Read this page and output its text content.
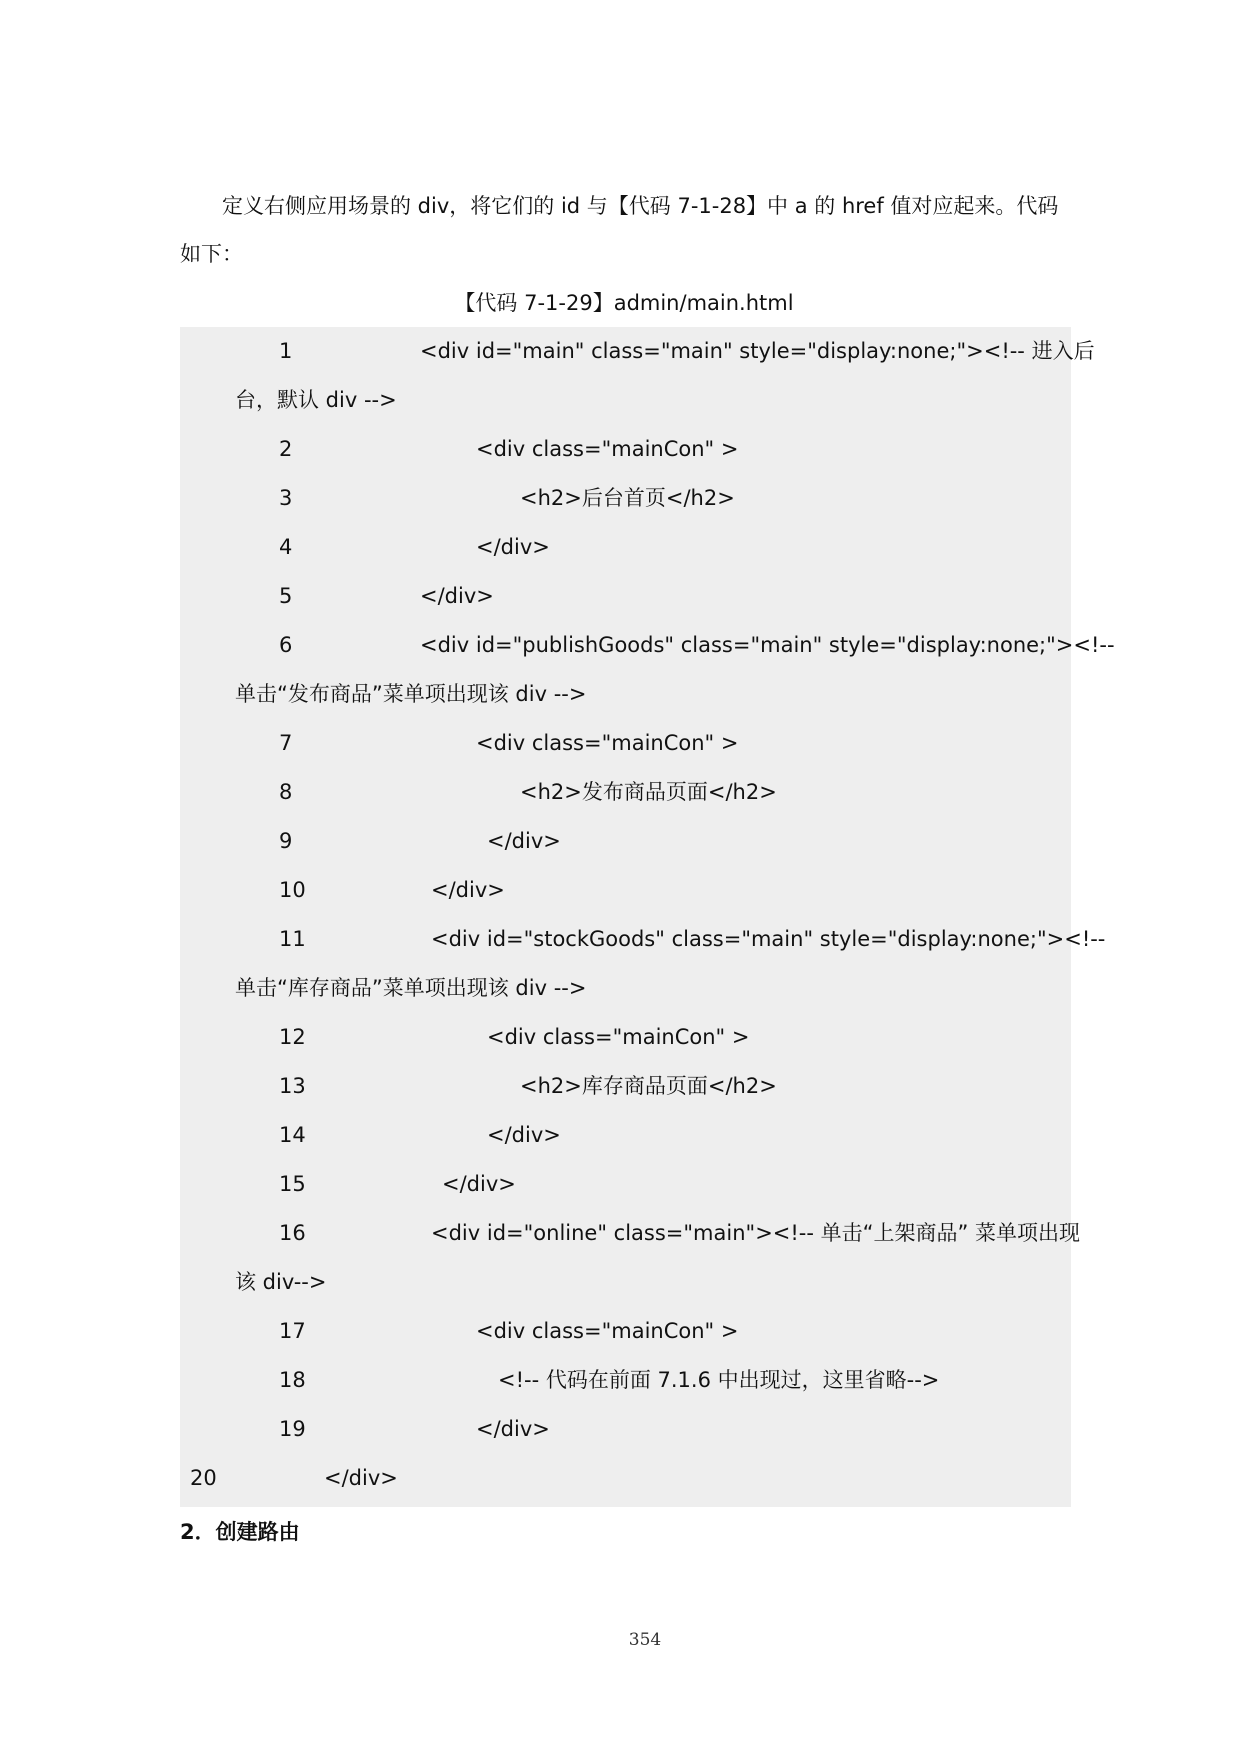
定义右侧应用场景的 div，将它们的 id 与【代码 7-1-28】中 a 的 href 值对应起来。代码如下：

【代码 7-1-29】admin/main.html

1	<div id="main" class="main" style="display:none;"><!-- 进入后
台，默认 div -->
2	<div class="mainCon" >
3	<h2>后台首页</h2>
4	</div>
5	</div>
6	<div id="publishGoods" class="main" style="display:none;"><!--
单击“发布商品”菜单项出现该 div -->
7	<div class="mainCon" >
8	<h2>发布商品页面</h2>
9	</div>
10	</div>
11	<div id="stockGoods" class="main" style="display:none;"><!--
单击“库存商品”菜单项出现该 div -->
12	<div class="mainCon" >
13	<h2>库存商品页面</h2>
14	</div>
15	</div>
16	<div id="online" class="main"><!-- 单击“上架商品” 菜单项出现
该 div-->
17	<div class="mainCon" >
18	<!-- 代码在前面 7.1.6 中出现过，这里省略-->
19	</div>
20	</div>

2．创建路由

354
